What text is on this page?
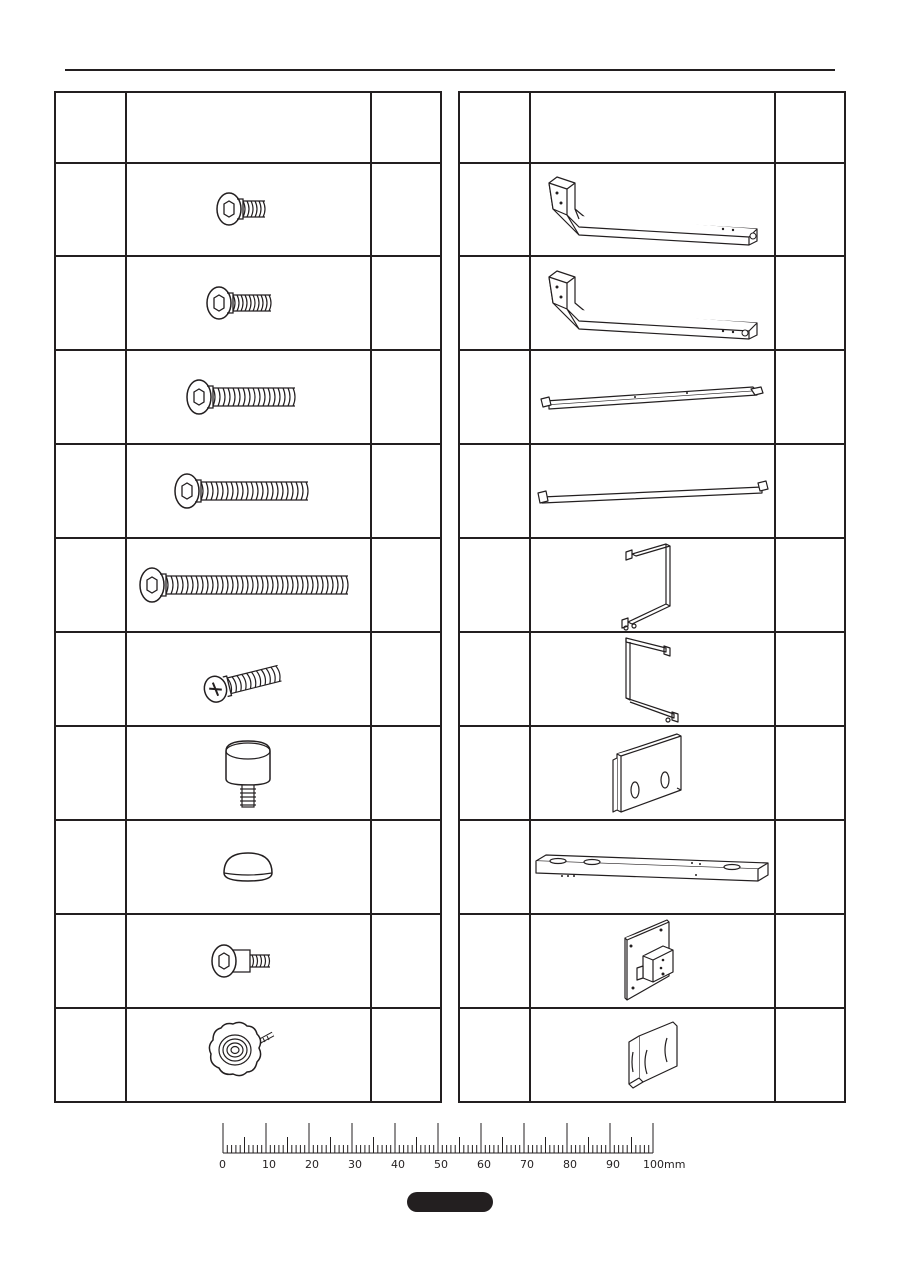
0	10	20	30	40	50	60	70	80	90 100mm
